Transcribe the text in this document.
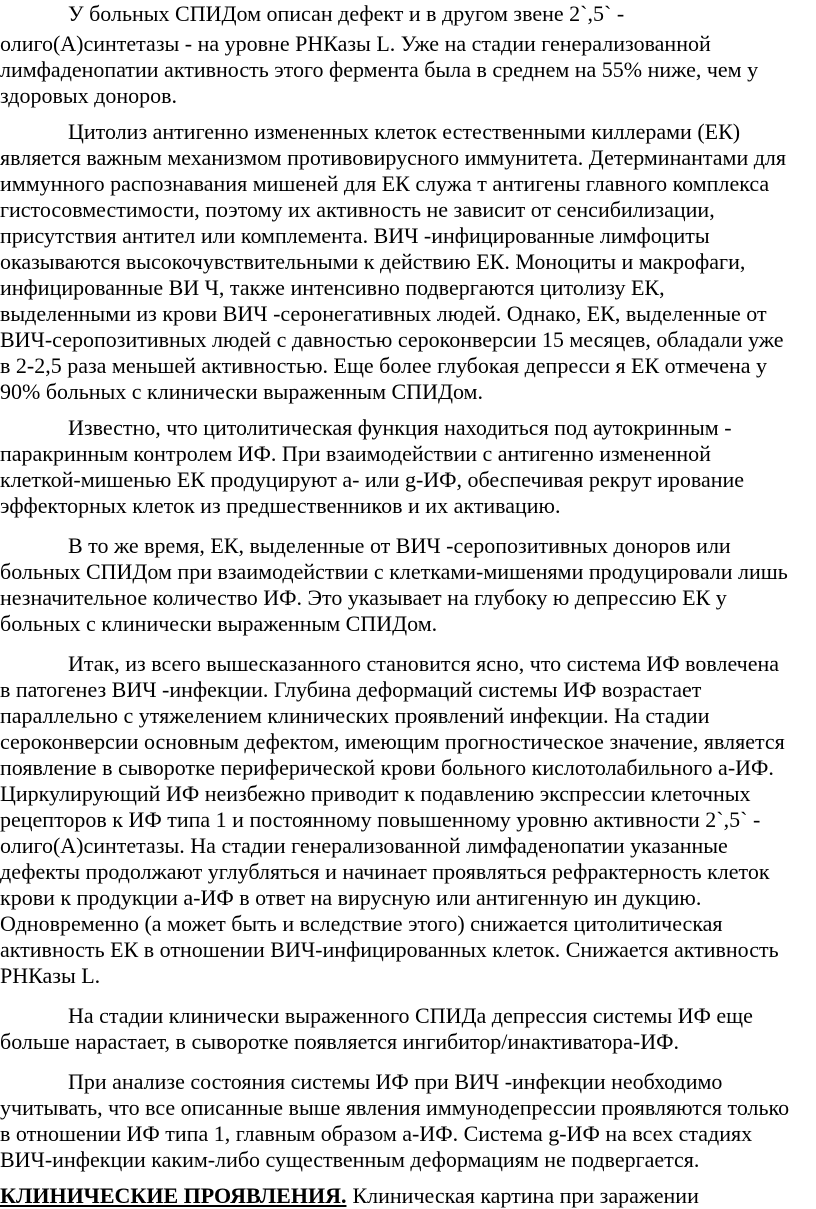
У больных СПИДом описан дефект и в другом звене 2`,5` -
олиго(А)синтетазы - на уровне РНКазы L. Уже на стадии генерализованной
лимфаденопатии активность этого фермента была в среднем на 55% ниже, чем у
здоровых доноров.
Цитолиз антигенно измененных клеток естественными киллерами (ЕК)
является важным механизмом противовирусного иммунитета. Детерминантами для
иммунного распознавания мишеней для ЕК служа т антигены главного комплекса
гистосовместимости, поэтому их активность не зависит от сенсибилизации,
присутствия антител или комплемента. ВИЧ -инфицированные лимфоциты
оказываются высокочувствительными к действию ЕК. Моноциты и макрофаги,
инфицированные ВИ Ч, также интенсивно подвергаются цитолизу ЕК,
выделенными из крови ВИЧ -серонегативных людей. Однако, ЕК, выделенные от
ВИЧ-серопозитивных людей с давностью сероконверсии 15 месяцев, обладали уже
в 2-2,5 раза меньшей активностью. Еще более глубокая депресси я ЕК отмечена у
90% больных с клинически выраженным СПИДом.
Известно, что цитолитическая функция находиться под аутокринным -
паракринным контролем ИФ. При взаимодействии с антигенно измененной
клеткой-мишенью ЕК продуцируют а- или g-ИФ, обеспечивая рекрут ирование
эффекторных клеток из предшественников и их активацию.
В то же время, ЕК, выделенные от ВИЧ -серопозитивных доноров или
больных СПИДом при взаимодействии с клетками-мишенями продуцировали лишь
незначительное количество ИФ. Это указывает на глубоку ю депрессию ЕК у
больных с клинически выраженным СПИДом.
Итак, из всего вышесказанного становится ясно, что система ИФ вовлечена
в патогенез ВИЧ -инфекции. Глубина деформаций системы ИФ возрастает
параллельно с утяжелением клинических проявлений инфекции. На стадии
сероконверсии основным дефектом, имеющим прогностическое значение, является
появление в сыворотке периферической крови больного кислотолабильного а-ИФ.
Циркулирующий ИФ неизбежно приводит к подавлению экспрессии клеточных
рецепторов к ИФ типа 1 и постоянному повышенному уровню активности 2`,5` -
олиго(А)синтетазы. На стадии генерализованной лимфаденопатии указанные
дефекты продолжают углубляться и начинает проявляться рефрактерность клеток
крови к продукции а-ИФ в ответ на вирусную или антигенную ин дукцию.
Одновременно (а может быть и вследствие этого) снижается цитолитическая
активность ЕК в отношении ВИЧ-инфицированных клеток. Снижается активность
РНКазы L.
На стадии клинически выраженного СПИДа депрессия системы ИФ еще
больше нарастает, в сыворотке появляется ингибитор/инактиватора-ИФ.
При анализе состояния системы ИФ при ВИЧ -инфекции необходимо
учитывать, что все описанные выше явления иммунодепрессии проявляются только
в отношении ИФ типа 1, главным образом а-ИФ. Система g-ИФ на всех стадиях
ВИЧ-инфекции каким-либо существенным деформациям не подвергается.
КЛИНИЧЕСКИЕ ПРОЯВЛЕНИЯ. Клиническая картина при заражении
